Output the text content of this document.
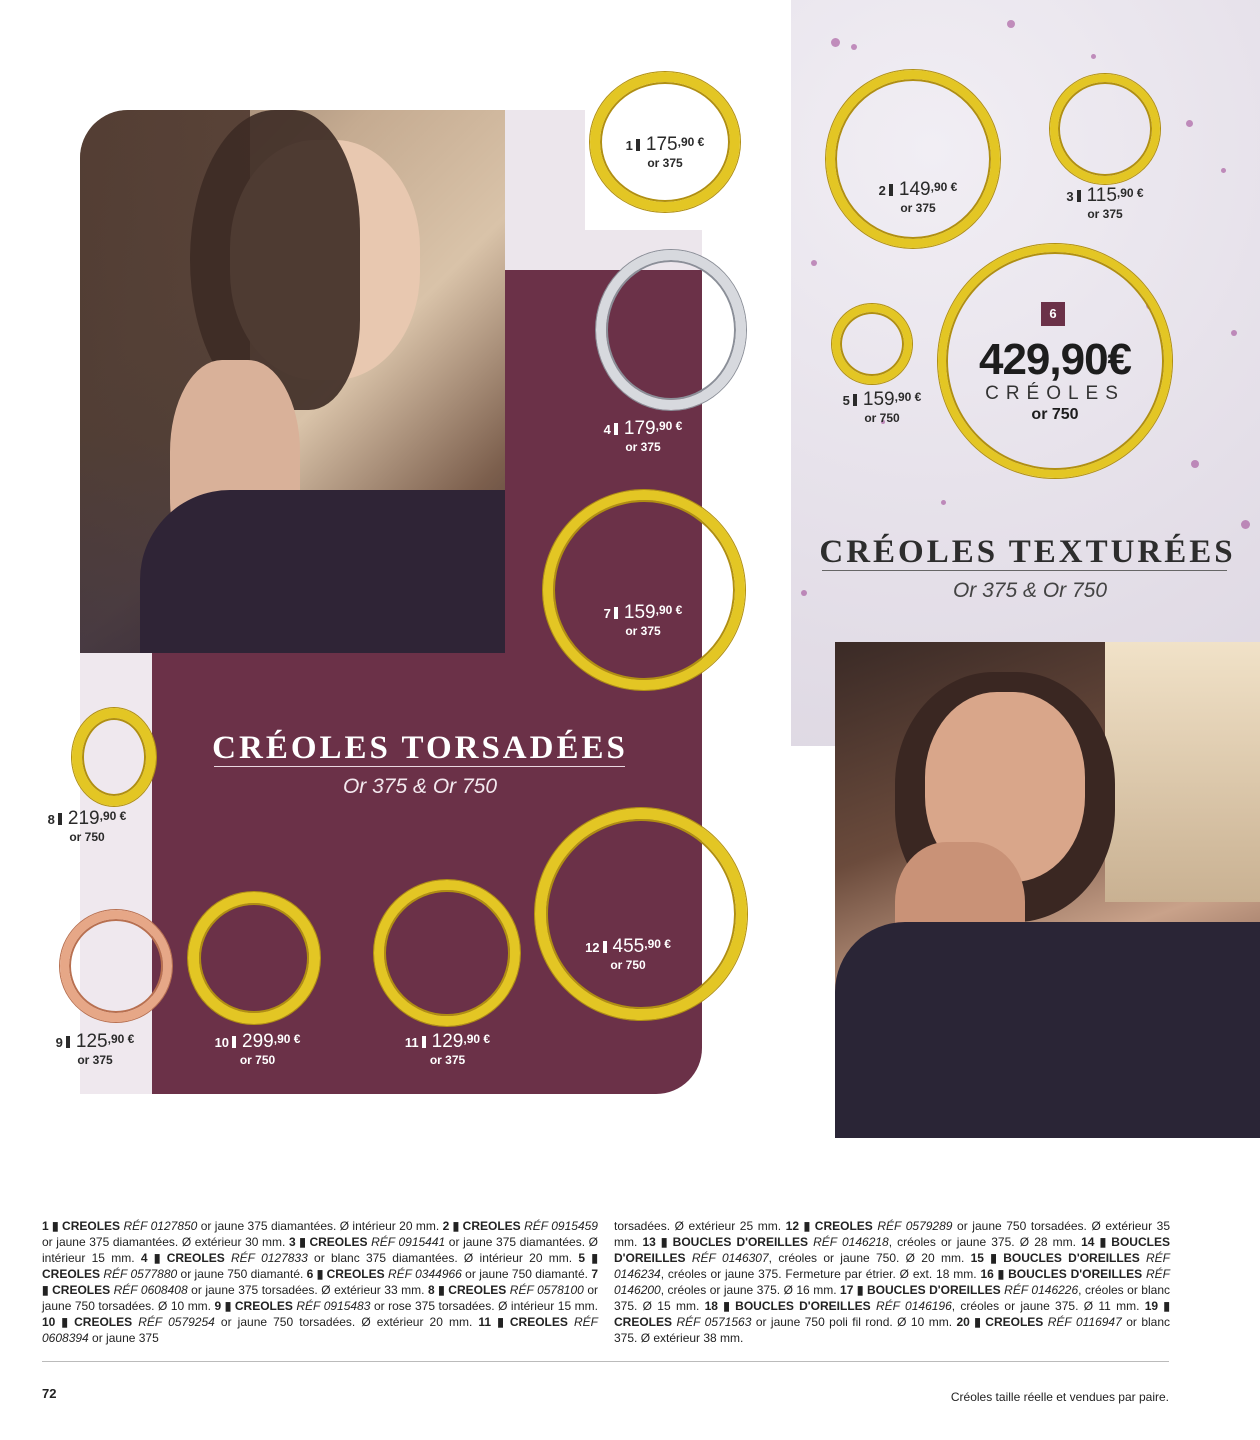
1 $175^{,90 €}$
or 375
2 $149^{,90 €}$
or 375
3 $115^{,90 €}$
or 375
4 $179^{,90 €}$
or 375
5 $159^{,90 €}$
or 750
7 $159^{,90 €}$
or 375
8 $219^{,90 €}$
or 750
9 $125^{,90 €}$
or 375
10 $299^{,90 €}$
or 750
11 $129^{,90 €}$
or 375
12 $455^{,90 €}$
or 750
6
429,90€
CRÉOLES
or 750
CRÉOLES TORSADÉES
Or 375 & Or 750
CRÉOLES TEXTURÉES
Or 375 & Or 750
1 ▮ CREOLES RÉF 0127850 or jaune 375 diamantées. Ø intérieur 20 mm. 2 ▮ CREOLES RÉF 0915459 or jaune 375 diamantées. Ø extérieur 30 mm. 3 ▮ CREOLES RÉF 0915441 or jaune 375 diamantées. Ø intérieur 15 mm. 4 ▮ CREOLES RÉF 0127833 or blanc 375 diamantées. Ø intérieur 20 mm. 5 ▮ CREOLES RÉF 0577880 or jaune 750 diamanté. 6 ▮ CREOLES RÉF 0344966 or jaune 750 diamanté. 7 ▮ CREOLES RÉF 0608408 or jaune 375 torsadées. Ø extérieur 33 mm. 8 ▮ CREOLES RÉF 0578100 or jaune 750 torsadées. Ø 10 mm. 9 ▮ CREOLES RÉF 0915483 or rose 375 torsadées. Ø intérieur 15 mm. 10 ▮ CREOLES RÉF 0579254 or jaune 750 torsadées. Ø extérieur 20 mm. 11 ▮ CREOLES RÉF 0608394 or jaune 375
torsadées. Ø extérieur 25 mm. 12 ▮ CREOLES RÉF 0579289 or jaune 750 torsadées. Ø extérieur 35 mm. 13 ▮ BOUCLES D'OREILLES RÉF 0146218, créoles or jaune 375. Ø 28 mm. 14 ▮ BOUCLES D'OREILLES RÉF 0146307, créoles or jaune 750. Ø 20 mm. 15 ▮ BOUCLES D'OREILLES RÉF 0146234, créoles or jaune 375. Fermeture par étrier. Ø ext. 18 mm. 16 ▮ BOUCLES D'OREILLES RÉF 0146200, créoles or jaune 375. Ø 16 mm. 17 ▮ BOUCLES D'OREILLES RÉF 0146226, créoles or blanc 375. Ø 15 mm. 18 ▮ BOUCLES D'OREILLES RÉF 0146196, créoles or jaune 375. Ø 11 mm. 19 ▮ CREOLES RÉF 0571563 or jaune 750 poli fil rond. Ø 10 mm. 20 ▮ CREOLES RÉF 0116947 or blanc 375. Ø extérieur 38 mm.
72	Créoles taille réelle et vendues par paire.
